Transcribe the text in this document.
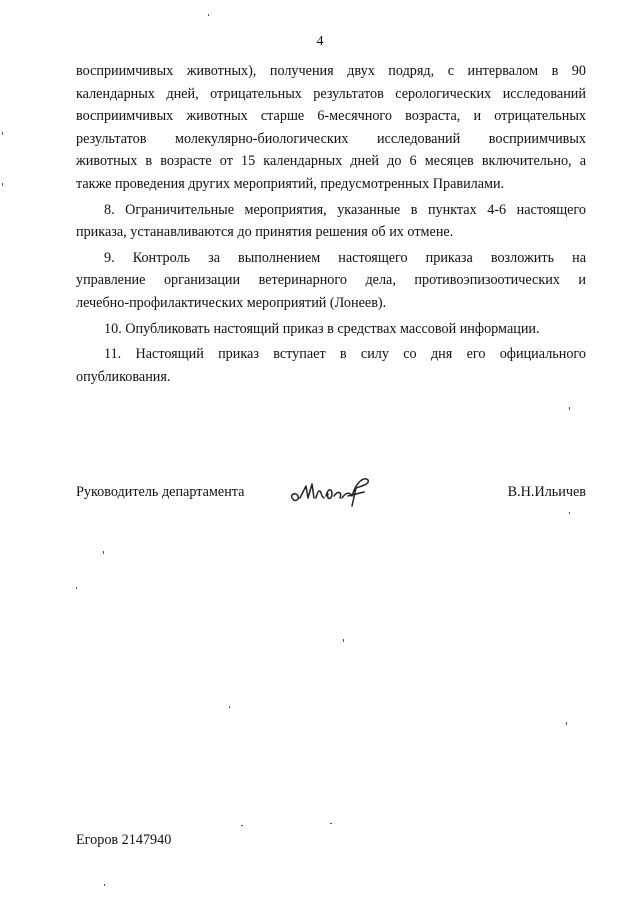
4

восприимчивых животных), получения двух подряд, с интервалом в 90

календарных дней, отрицательных результатов серологических исследований

восприимчивых животных старше 6-месячного возраста, и отрицательных

результатов молекулярно-биологических исследований восприимчивых

животных в возрасте от 15 календарных дней до 6 месяцев включительно, а

также проведения других мероприятий, предусмотренных Правилами.

8. Ограничительные мероприятия, указанные в пунктах 4-6 настоящего

приказа, устанавливаются до принятия решения об их отмене.

9. Контроль за выполнением настоящего приказа возложить на

управление организации ветеринарного дела, противоэпизоотических и

лечебно-профилактических мероприятий (Лонеев).

10. Опубликовать настоящий приказ в средствах массовой информации.

11. Настоящий приказ вступает в силу со дня его официального

опубликования.

Руководитель департамента	В.Н.Ильичев
Егоров 2147940
